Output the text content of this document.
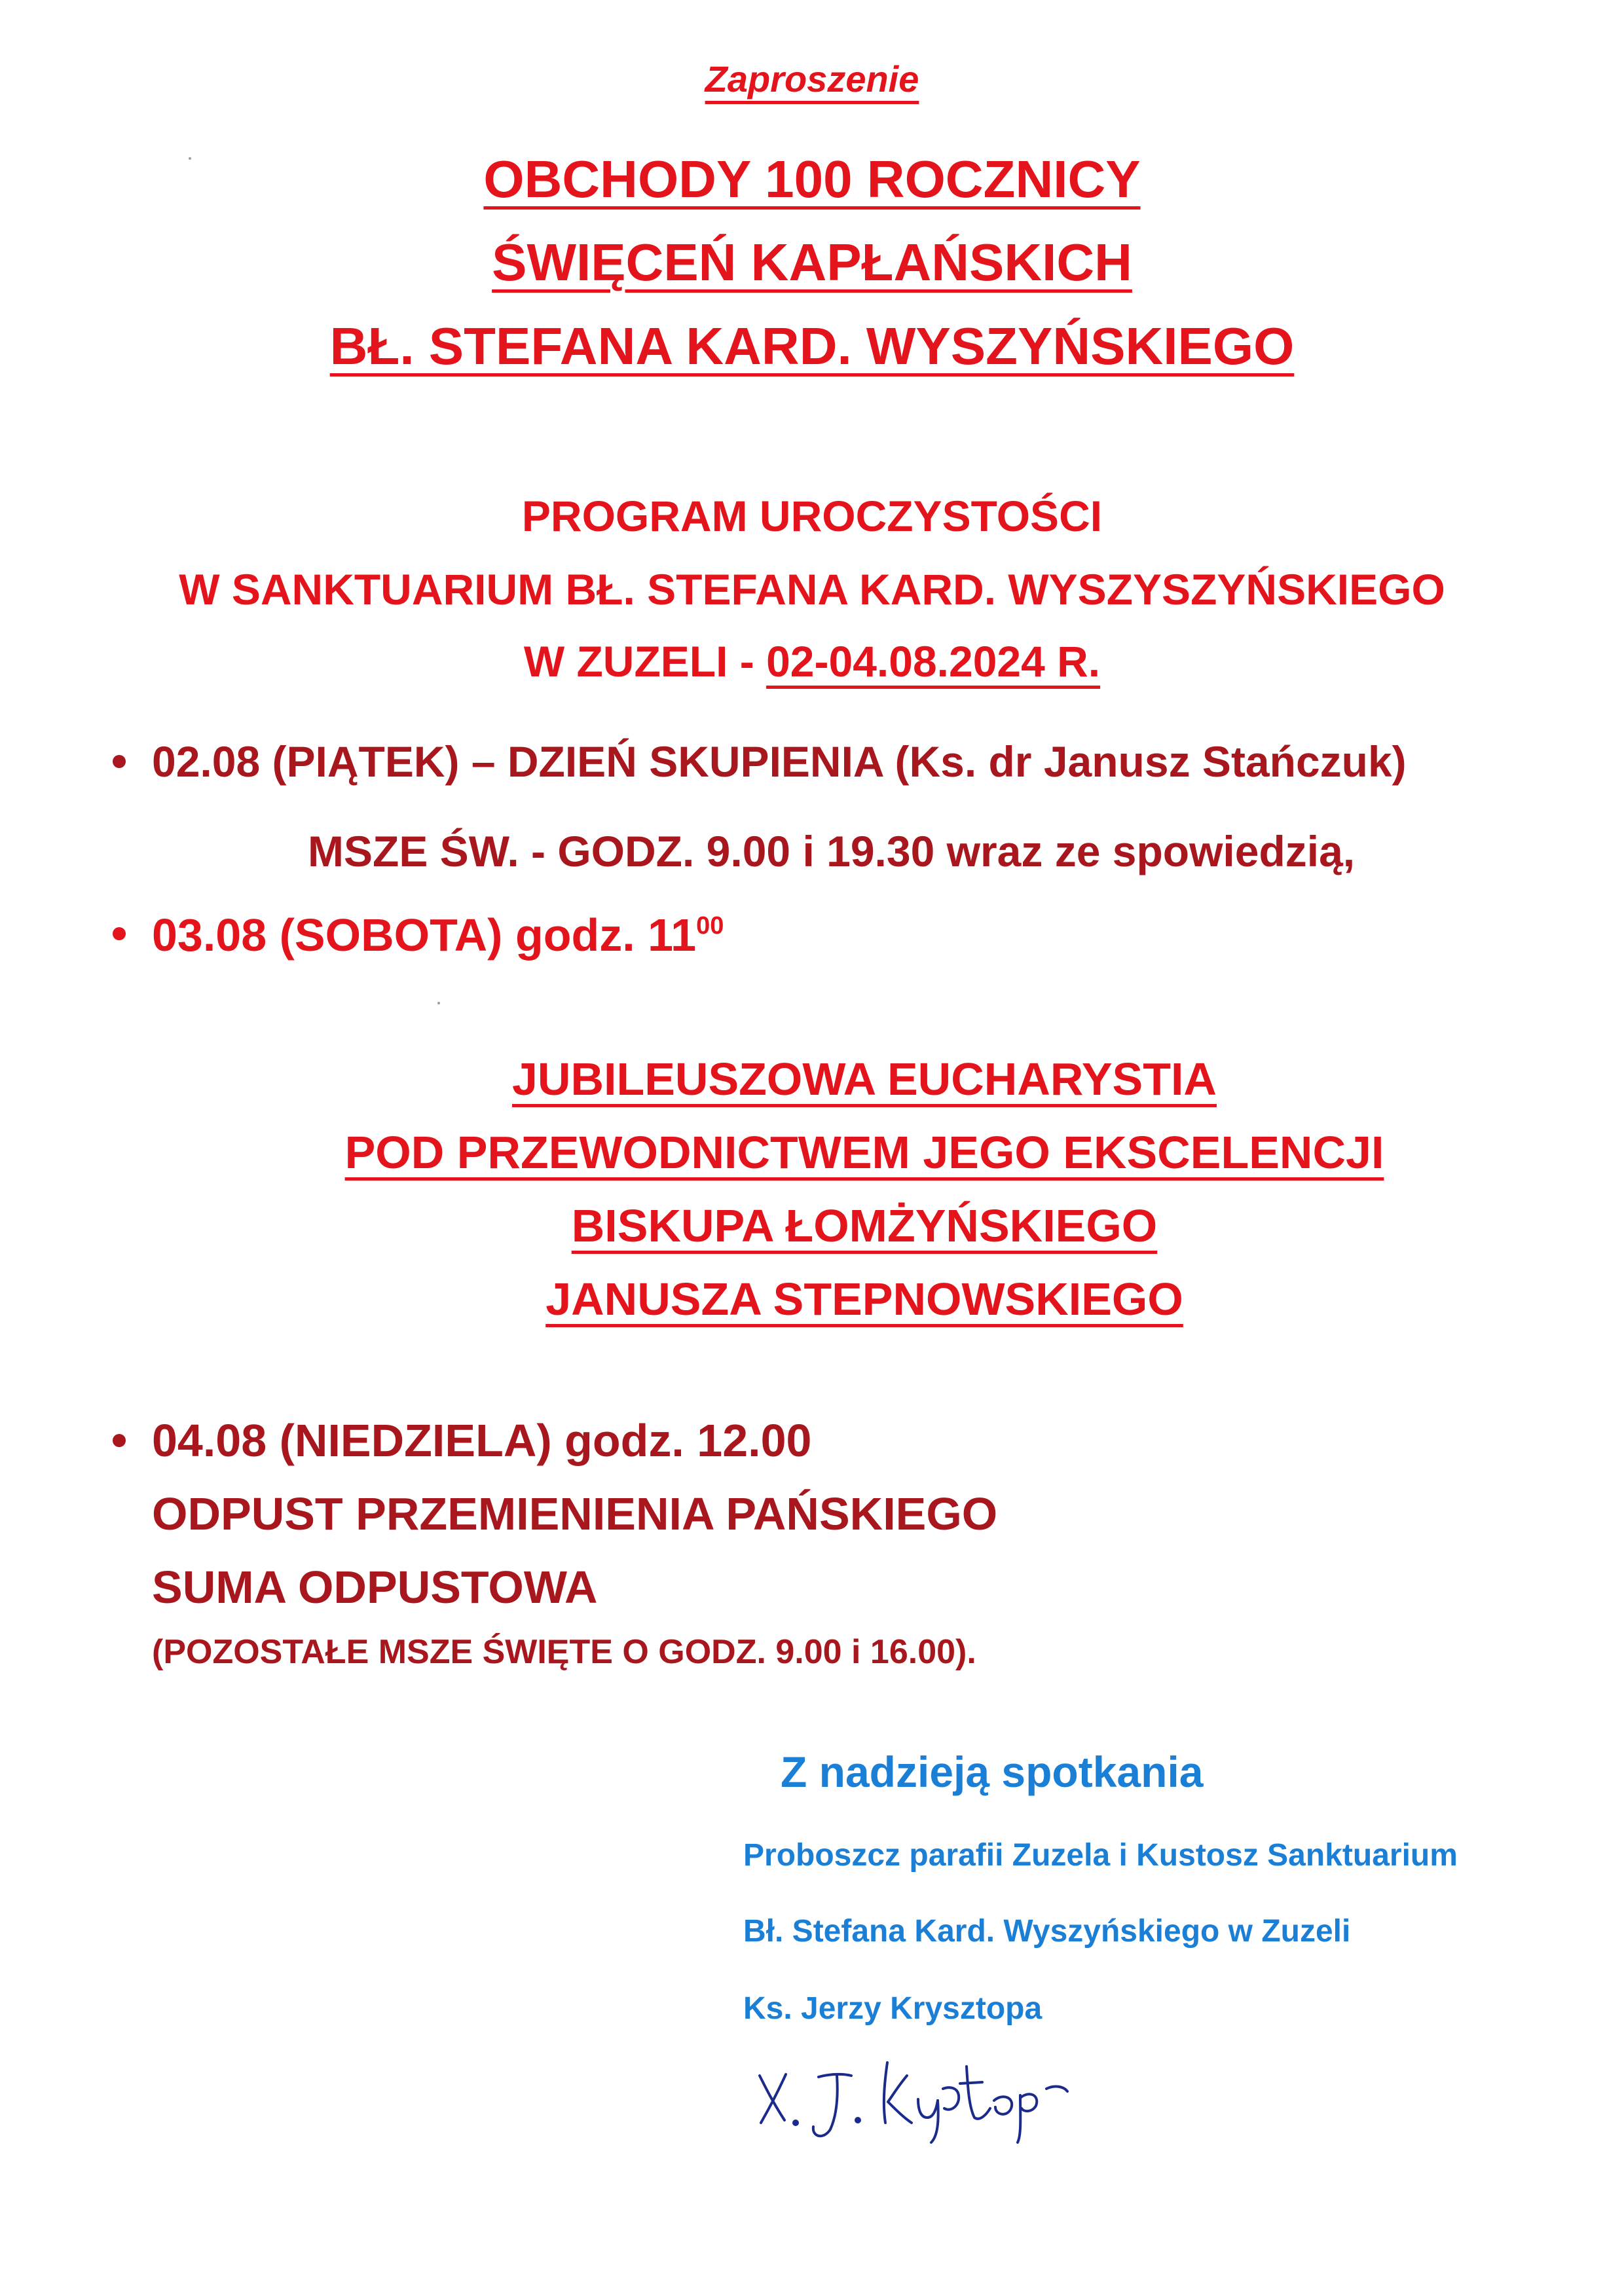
Zaproszenie

OBCHODY 100 ROCZNICY

ŚWIĘCEŃ KAPŁAŃSKICH

BŁ. STEFANA KARD. WYSZYŃSKIEGO

PROGRAM UROCZYSTOŚCI

W SANKTUARIUM BŁ. STEFANA KARD. WYSZYSZYŃSKIEGO

W ZUZELI - 02-04.08.2024 R.

02.08 (PIĄTEK) – DZIEŃ SKUPIENIA (Ks. dr Janusz Stańczuk)

MSZE ŚW. - GODZ. 9.00 i 19.30 wraz ze spowiedzią,

03.08 (SOBOTA) godz. $11^{00}$

JUBILEUSZOWA EUCHARYSTIA

POD PRZEWODNICTWEM JEGO EKSCELENCJI

BISKUPA ŁOMŻYŃSKIEGO

JANUSZA STEPNOWSKIEGO

04.08 (NIEDZIELA) godz. 12.00

ODPUST PRZEMIENIENIA PAŃSKIEGO

SUMA ODPUSTOWA

(POZOSTAŁE MSZE ŚWIĘTE O GODZ. 9.00 i 16.00).

Z nadzieją spotkania

Proboszcz parafii Zuzela i Kustosz Sanktuarium

Bł. Stefana Kard. Wyszyńskiego w Zuzeli

Ks. Jerzy Krysztopa
